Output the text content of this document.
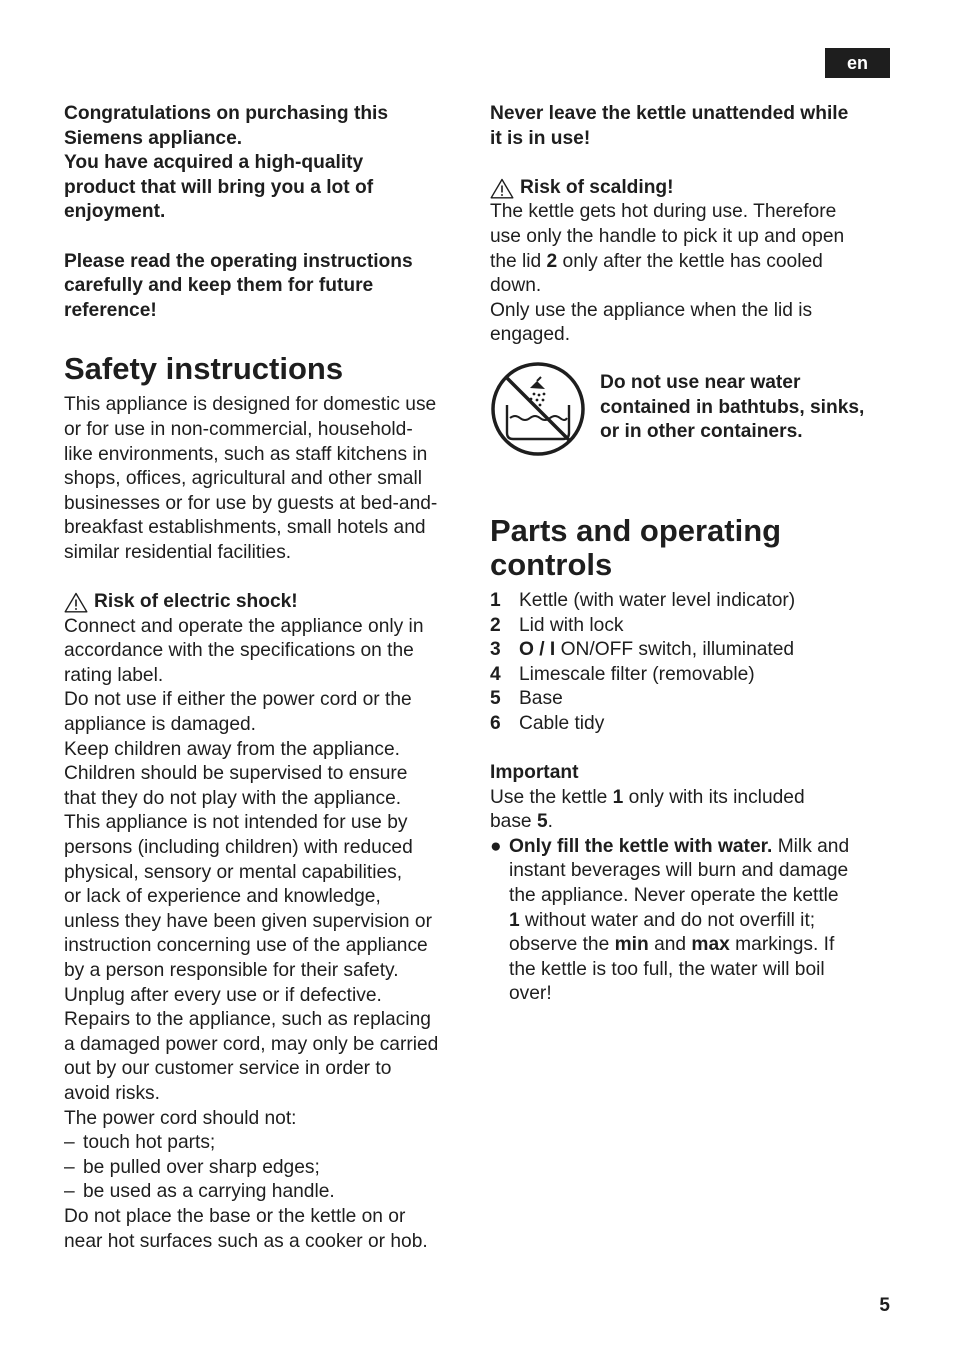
en

Congratulations on purchasing this

Siemens appliance.

You have acquired a high-quality

product that will bring you a lot of

enjoyment.

Please read the operating instructions

carefully and keep them for future

reference!

Safety instructions

This appliance is designed for domestic use

or for use in non-commercial, household-

like environments, such as staff kitchens in

shops, offices, agricultural and other small

businesses or for use by guests at bed-and-

breakfast establishments, small hotels and

similar residential facilities.

Risk of electric shock!

Connect and operate the appliance only in

accordance with the specifications on the

rating label.

Do not use if either the power cord or the

appliance is damaged.

Keep children away from the appliance.

Children should be supervised to ensure

that they do not play with the appliance.

This appliance is not intended for use by

persons (including children) with reduced

physical, sensory or mental capabilities,

or lack of experience and knowledge,

unless they have been given supervision or

instruction concerning use of the appliance

by a person responsible for their safety.

Unplug after every use or if defective.

Repairs to the appliance, such as replacing

a damaged power cord, may only be carried

out by our customer service in order to

avoid risks.

The power cord should not:

– touch hot parts;
– be pulled over sharp edges;
– be used as a carrying handle.

Do not place the base or the kettle on or

near hot surfaces such as a cooker or hob.

Never leave the kettle unattended while

it is in use!

Risk of scalding!

The kettle gets hot during use. Therefore

use only the handle to pick it up and open

the lid 2 only after the kettle has cooled

down.

Only use the appliance when the lid is

engaged.

Do not use near water

contained in bathtubs, sinks,

or in other containers.

Parts and operating
controls
1 Kettle (with water level indicator)
2 Lid with lock
3 O / I ON/OFF switch, illuminated
4 Limescale filter (removable)
5 Base
6 Cable tidy

Important

Use the kettle 1 only with its included

base 5.

● Only fill the kettle with water. Milk and

instant beverages will burn and damage

the appliance. Never operate the kettle

1 without water and do not overfill it;

observe the min and max markings. If

the kettle is too full, the water will boil

over!

5
